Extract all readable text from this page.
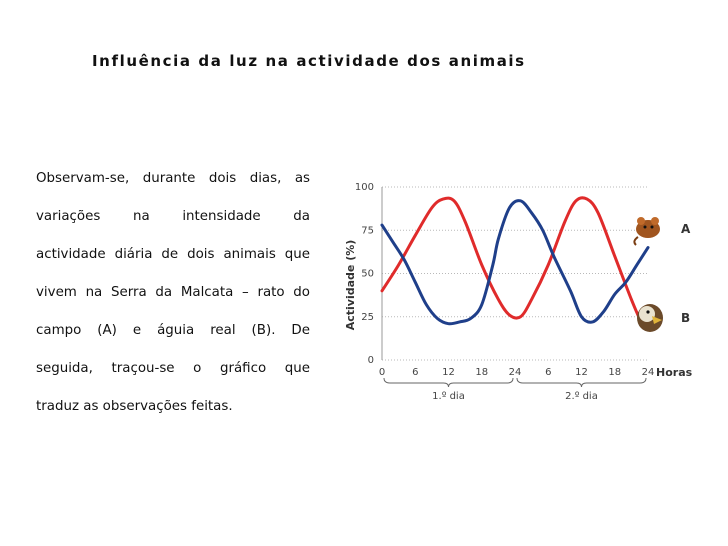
Influência da luz na actividade dos animais

Observam-se, durante dois dias, as

variações na intensidade da

actividade diária de dois animais que

vivem na Serra da Malcata – rato do

campo (A) e águia real (B). De

seguida, traçou-se o gráfico que

traduz as observações feitas.

0
25
50
75
100
0	6 12 18 24 6 12 18 24
1.º dia	2.º dia
Actividade (%)
Horas
A
B
